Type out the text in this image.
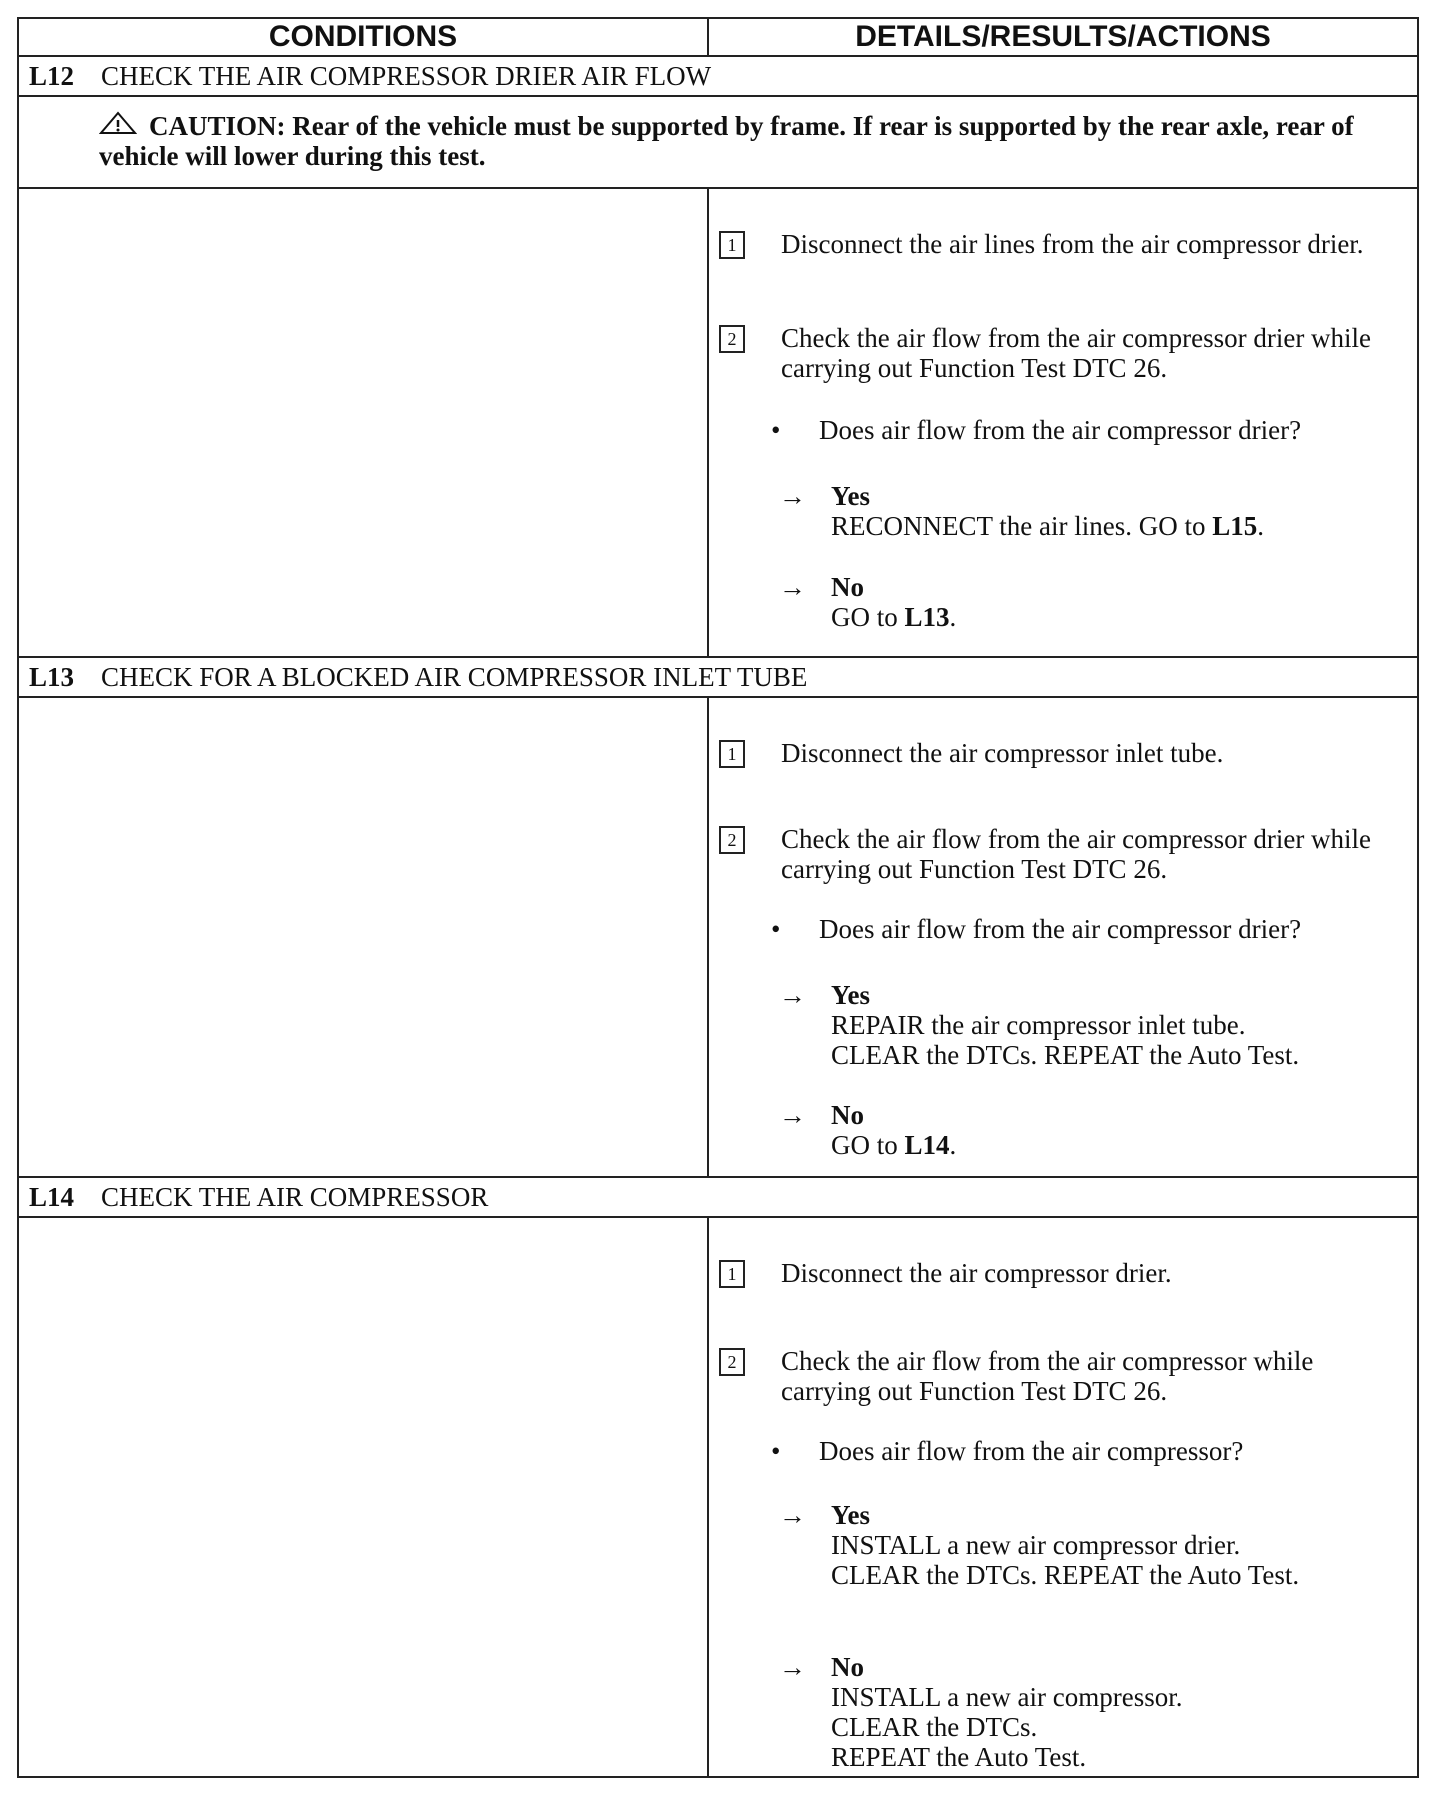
CONDITIONS	DETAILS/RESULTS/ACTIONS
L12 CHECK THE AIR COMPRESSOR DRIER AIR FLOW
CAUTION: Rear of the vehicle must be supported by frame. If rear is supported by the rear axle, rear of vehicle will lower during this test.
1	Disconnect the air lines from the air compressor drier.
2	Check the air flow from the air compressor drier while carrying out Function Test DTC 26.
• Does air flow from the air compressor drier?
→ Yes
RECONNECT the air lines. GO to L15.
→ No
GO to L13.
L13 CHECK FOR A BLOCKED AIR COMPRESSOR INLET TUBE
1	Disconnect the air compressor inlet tube.
2	Check the air flow from the air compressor drier while carrying out Function Test DTC 26.
• Does air flow from the air compressor drier?
→ Yes
REPAIR the air compressor inlet tube.
CLEAR the DTCs. REPEAT the Auto Test.
→ No
GO to L14.
L14 CHECK THE AIR COMPRESSOR
1	Disconnect the air compressor drier.
2	Check the air flow from the air compressor while carrying out Function Test DTC 26.
• Does air flow from the air compressor?
→ Yes
INSTALL a new air compressor drier.
CLEAR the DTCs. REPEAT the Auto Test.
→ No
INSTALL a new air compressor.
CLEAR the DTCs.
REPEAT the Auto Test.
